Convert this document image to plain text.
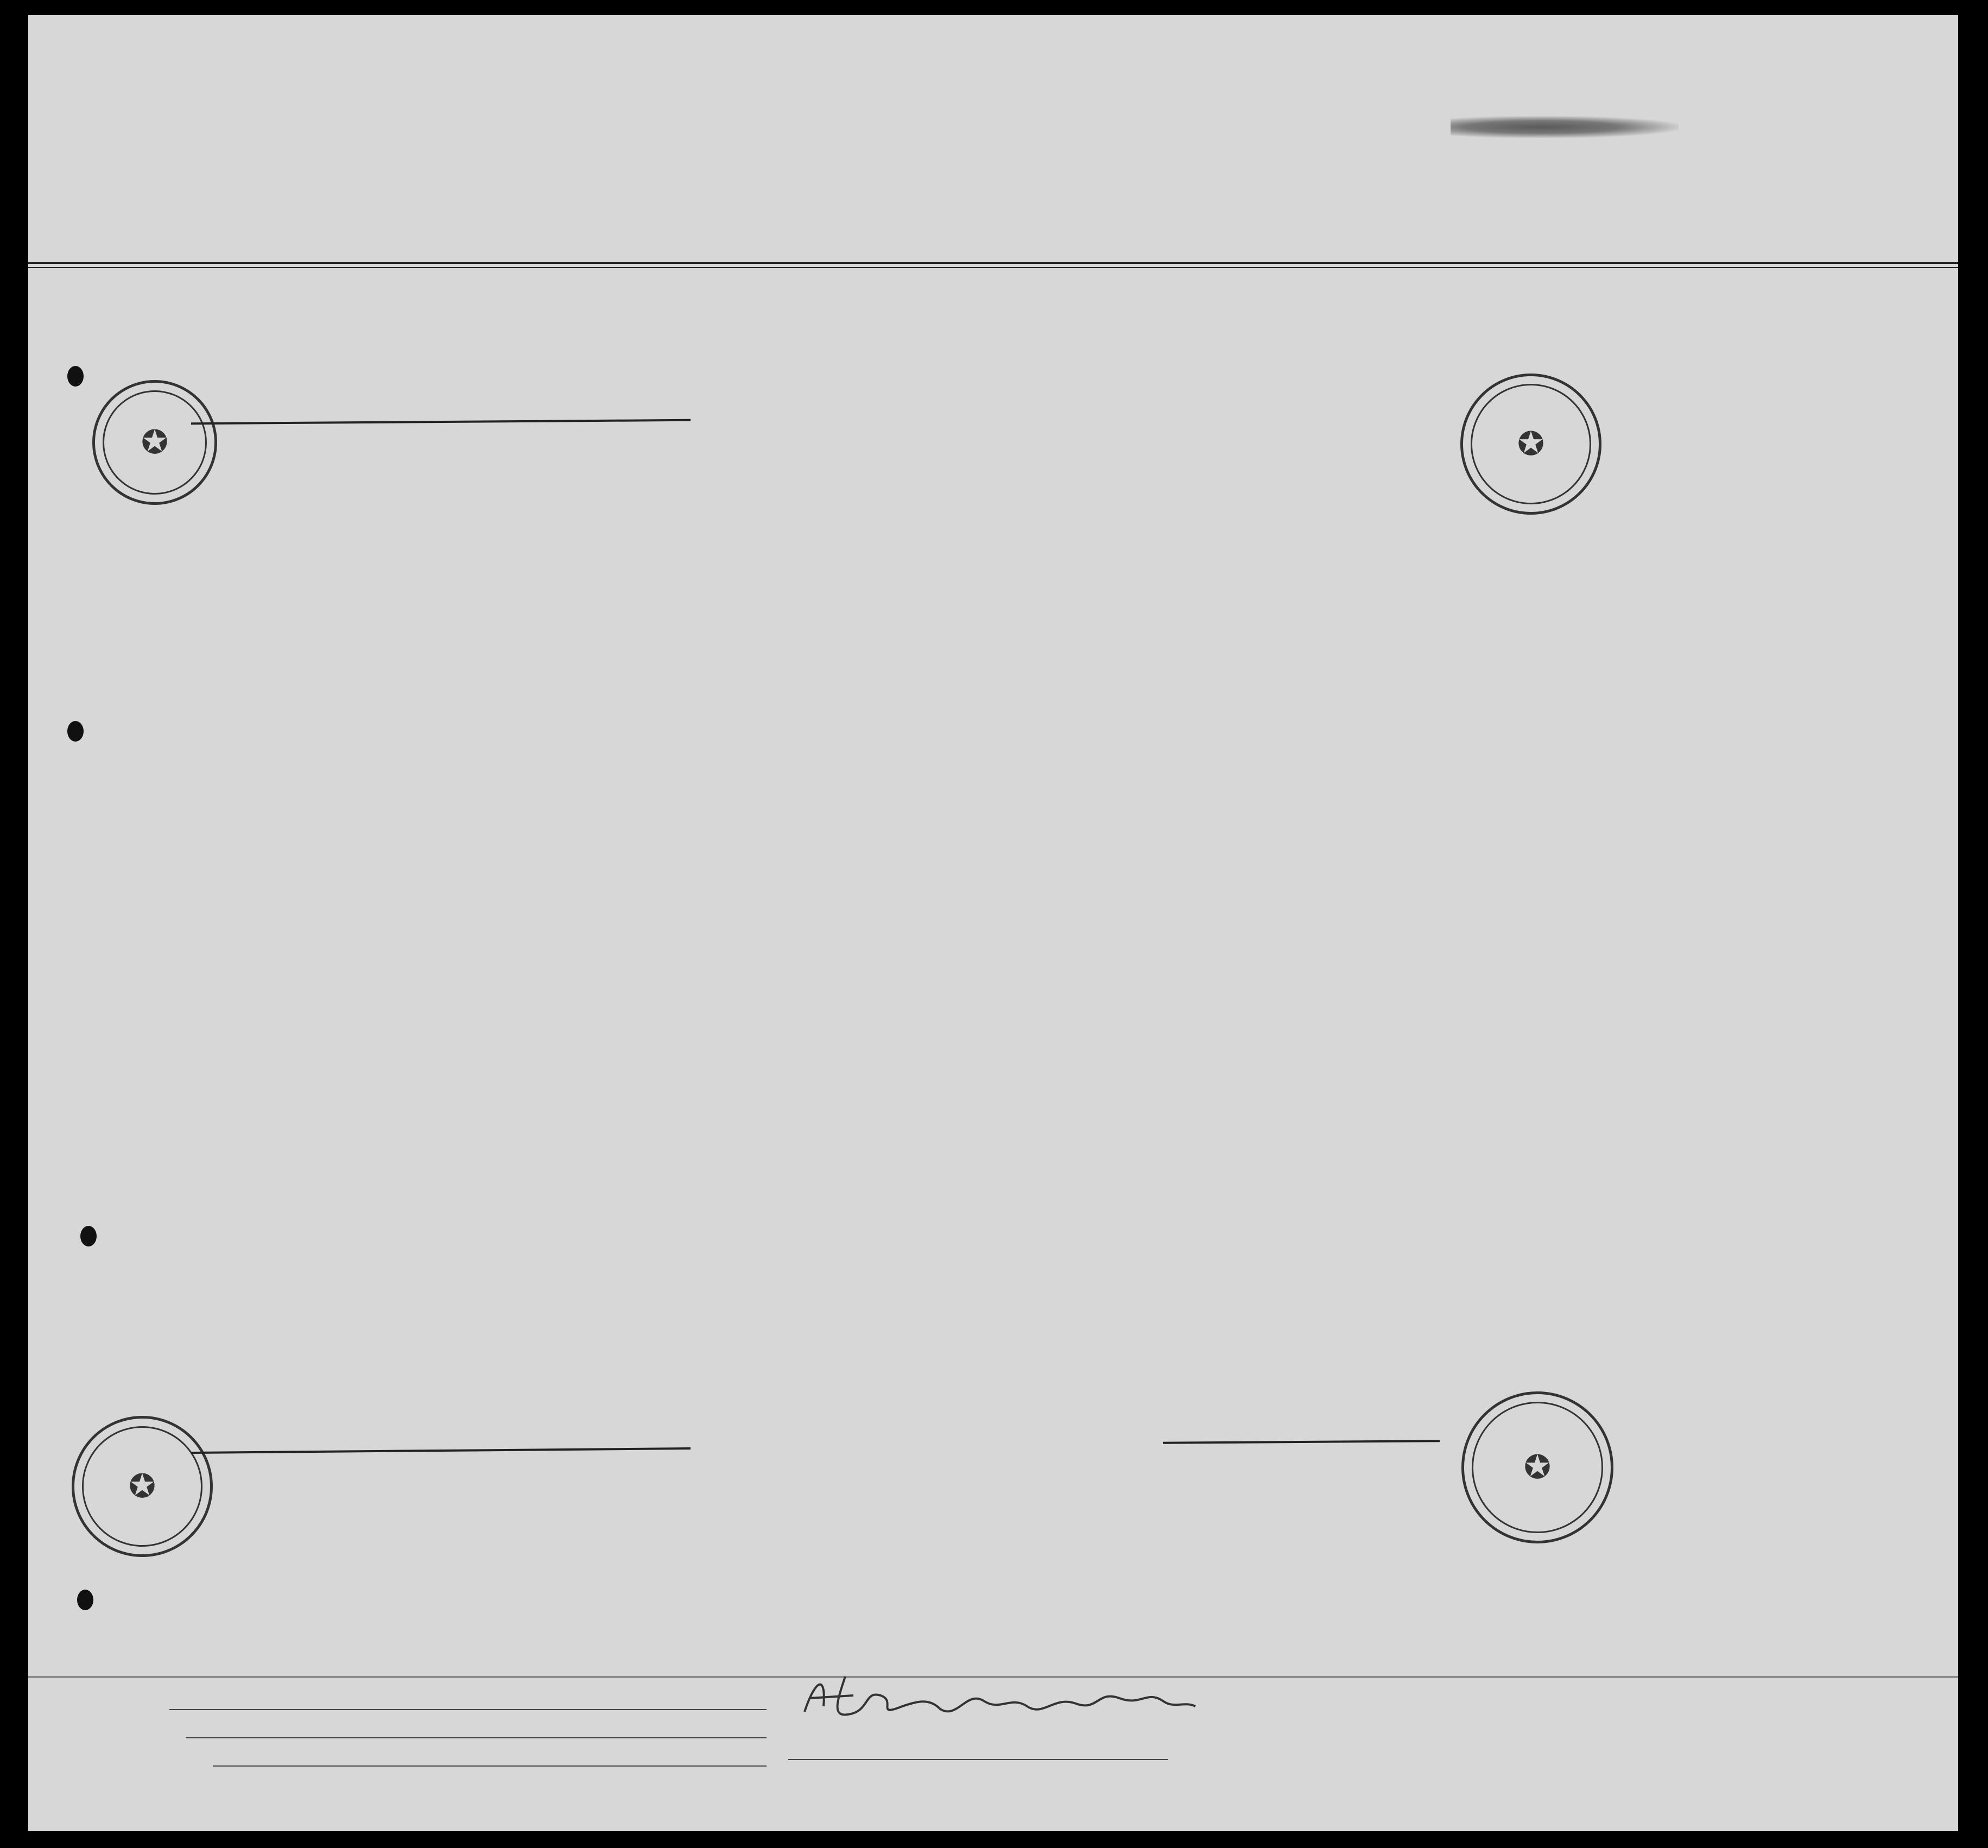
✪	✪
✪
✪
